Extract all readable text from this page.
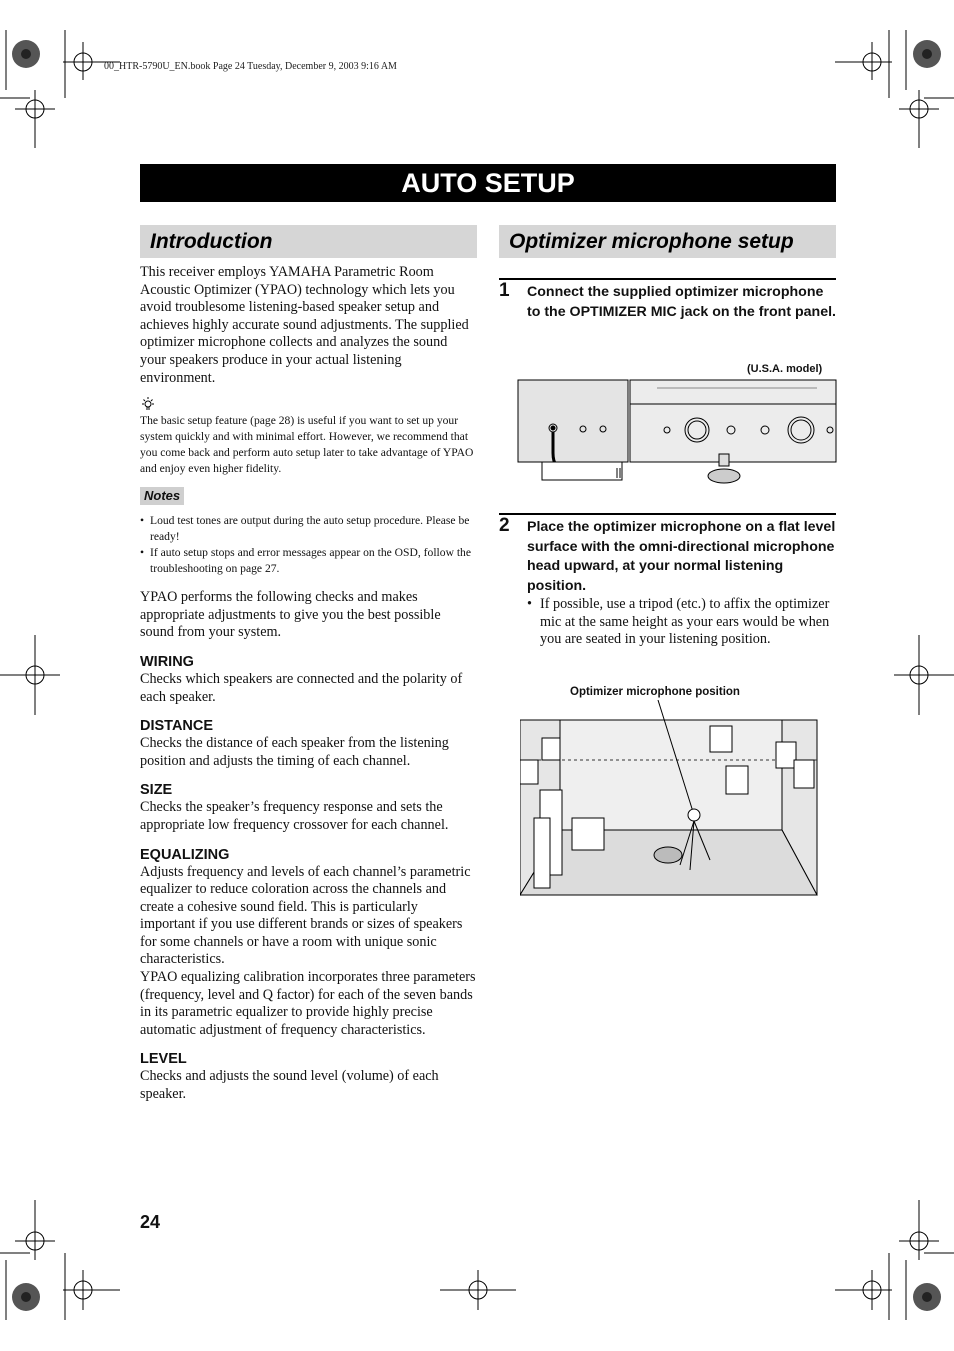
00_HTR-5790U_EN.book Page 24 Tuesday, December 9, 2003 9:16 AM
AUTO SETUP
Introduction

This receiver employs YAMAHA Parametric Room Acoustic Optimizer (YPAO) technology which lets you avoid troublesome listening-based speaker setup and achieves highly accurate sound adjustments. The supplied optimizer microphone collects and analyzes the sound your speakers produce in your actual listening environment.

The basic setup feature (page 28) is useful if you want to set up your system quickly and with minimal effort. However, we recommend that you come back and perform auto setup later to take advantage of YPAO and enjoy even higher fidelity.

Notes
• Loud test tones are output during the auto setup procedure. Please be ready!
• If auto setup stops and error messages appear on the OSD, follow the troubleshooting on page 27.

YPAO performs the following checks and makes appropriate adjustments to give you the best possible sound from your system.

WIRING

Checks which speakers are connected and the polarity of each speaker.

DISTANCE

Checks the distance of each speaker from the listening position and adjusts the timing of each channel.

SIZE

Checks the speaker’s frequency response and sets the appropriate low frequency crossover for each channel.

EQUALIZING

Adjusts frequency and levels of each channel’s parametric equalizer to reduce coloration across the channels and create a cohesive sound field. This is particularly important if you use different brands or sizes of speakers for some channels or have a room with unique sonic characteristics.

YPAO equalizing calibration incorporates three parameters (frequency, level and Q factor) for each of the seven bands in its parametric equalizer to provide highly precise automatic adjustment of frequency characteristics.

LEVEL

Checks and adjusts the sound level (volume) of each speaker.

Optimizer microphone setup
1 Connect the supplied optimizer microphone to the OPTIMIZER MIC jack on the front panel.
(U.S.A. model)
2 Place the optimizer microphone on a flat level surface with the omni-directional microphone head upward, at your normal listening position.
• If possible, use a tripod (etc.) to affix the optimizer mic at the same height as your ears would be when you are seated in your listening position.

Optimizer microphone position
24
